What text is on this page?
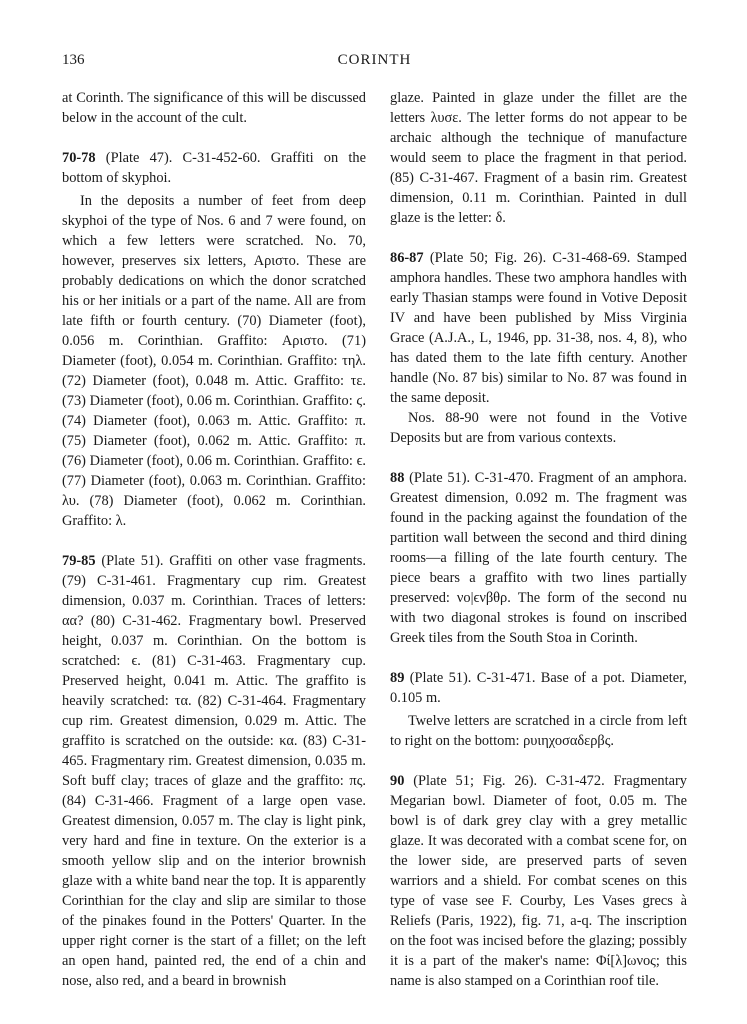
136	CORINTH

at Corinth. The significance of this will be discussed below in the account of the cult.

70-78 (Plate 47). C-31-452-60. Graffiti on the bottom of skyphoi.

In the deposits a number of feet from deep skyphoi of the type of Nos. 6 and 7 were found, on which a few letters were scratched. No. 70, however, preserves six letters, Αριστο. These are probably dedications on which the donor scratched his or her initials or a part of the name. All are from late fifth or fourth century. (70) Diameter (foot), 0.056 m. Corinthian. Graffito: Αριστο. (71) Diameter (foot), 0.054 m. Corinthian. Graffito: τηλ. (72) Diameter (foot), 0.048 m. Attic. Graffito: τε. (73) Diameter (foot), 0.06 m. Corinthian. Graffito: ϛ. (74) Diameter (foot), 0.063 m. Attic. Graffito: π. (75) Diameter (foot), 0.062 m. Attic. Graffito: π. (76) Diameter (foot), 0.06 m. Corinthian. Graffito: ϵ. (77) Diameter (foot), 0.063 m. Corinthian. Graffito: λυ. (78) Diameter (foot), 0.062 m. Corinthian. Graffito: λ.

79-85 (Plate 51). Graffiti on other vase fragments. (79) C-31-461. Fragmentary cup rim. Greatest dimension, 0.037 m. Corinthian. Traces of letters: αα? (80) C-31-462. Fragmentary bowl. Preserved height, 0.037 m. Corinthian. On the bottom is scratched: ϵ. (81) C-31-463. Fragmentary cup. Preserved height, 0.041 m. Attic. The graffito is heavily scratched: τα. (82) C-31-464. Fragmentary cup rim. Greatest dimension, 0.029 m. Attic. The graffito is scratched on the outside: κα. (83) C-31-465. Fragmentary rim. Greatest dimension, 0.035 m. Soft buff clay; traces of glaze and the graffito: πς. (84) C-31-466. Fragment of a large open vase. Greatest dimension, 0.057 m. The clay is light pink, very hard and fine in texture. On the exterior is a smooth yellow slip and on the interior brownish glaze with a white band near the top. It is apparently Corinthian for the clay and slip are similar to those of the pinakes found in the Potters' Quarter. In the upper right corner is the start of a fillet; on the left an open hand, painted red, the end of a chin and nose, also red, and a beard in brownish

glaze. Painted in glaze under the fillet are the letters λυσε. The letter forms do not appear to be archaic although the technique of manufacture would seem to place the fragment in that period. (85) C-31-467. Fragment of a basin rim. Greatest dimension, 0.11 m. Corinthian. Painted in dull glaze is the letter: δ.

86-87 (Plate 50; Fig. 26). C-31-468-69. Stamped amphora handles. These two amphora handles with early Thasian stamps were found in Votive Deposit IV and have been published by Miss Virginia Grace (A.J.A., L, 1946, pp. 31-38, nos. 4, 8), who has dated them to the late fifth century. Another handle (No. 87 bis) similar to No. 87 was found in the same deposit.

Nos. 88-90 were not found in the Votive Deposits but are from various contexts.

88 (Plate 51). C-31-470. Fragment of an amphora. Greatest dimension, 0.092 m. The fragment was found in the packing against the foundation of the partition wall between the second and third dining rooms—a filling of the late fourth century. The piece bears a graffito with two lines partially preserved: νο|ϵνβθρ. The form of the second nu with two diagonal strokes is found on inscribed Greek tiles from the South Stoa in Corinth.

89 (Plate 51). C-31-471. Base of a pot. Diameter, 0.105 m.

Twelve letters are scratched in a circle from left to right on the bottom: ρυιηχοσαδερβς.

90 (Plate 51; Fig. 26). C-31-472. Fragmentary Megarian bowl. Diameter of foot, 0.05 m. The bowl is of dark grey clay with a grey metallic glaze. It was decorated with a combat scene for, on the lower side, are preserved parts of seven warriors and a shield. For combat scenes on this type of vase see F. Courby, Les Vases grecs à Reliefs (Paris, 1922), fig. 71, a-q. The inscription on the foot was incised before the glazing; possibly it is a part of the maker's name: Φί[λ]ωνος; this name is also stamped on a Corinthian roof tile.
